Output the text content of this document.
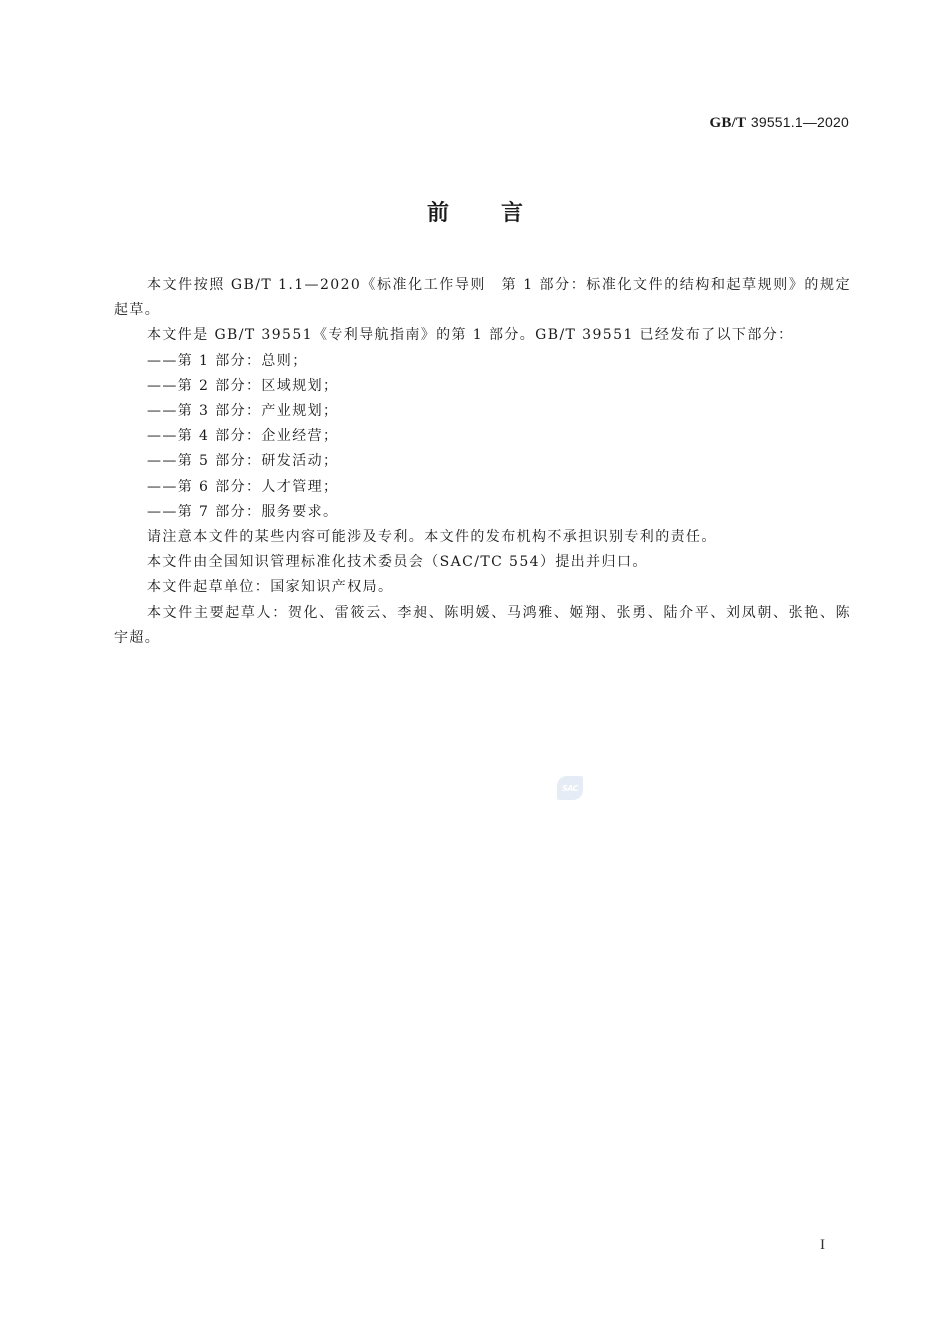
GB/T 39551.1—2020
前 言

本文件按照 GB/T 1.1—2020《标准化工作导则　第 1 部分：标准化文件的结构和起草规则》的规定起草。

本文件是 GB/T 39551《专利导航指南》的第 1 部分。GB/T 39551 已经发布了以下部分：

——第 1 部分：总则；
——第 2 部分：区域规划；
——第 3 部分：产业规划；
——第 4 部分：企业经营；
——第 5 部分：研发活动；
——第 6 部分：人才管理；
——第 7 部分：服务要求。

请注意本文件的某些内容可能涉及专利。本文件的发布机构不承担识别专利的责任。

本文件由全国知识管理标准化技术委员会（SAC/TC 554）提出并归口。

本文件起草单位：国家知识产权局。

本文件主要起草人：贺化、雷筱云、李昶、陈明媛、马鸿雅、姬翔、张勇、陆介平、刘凤朝、张艳、陈宇超。

SAC
I
